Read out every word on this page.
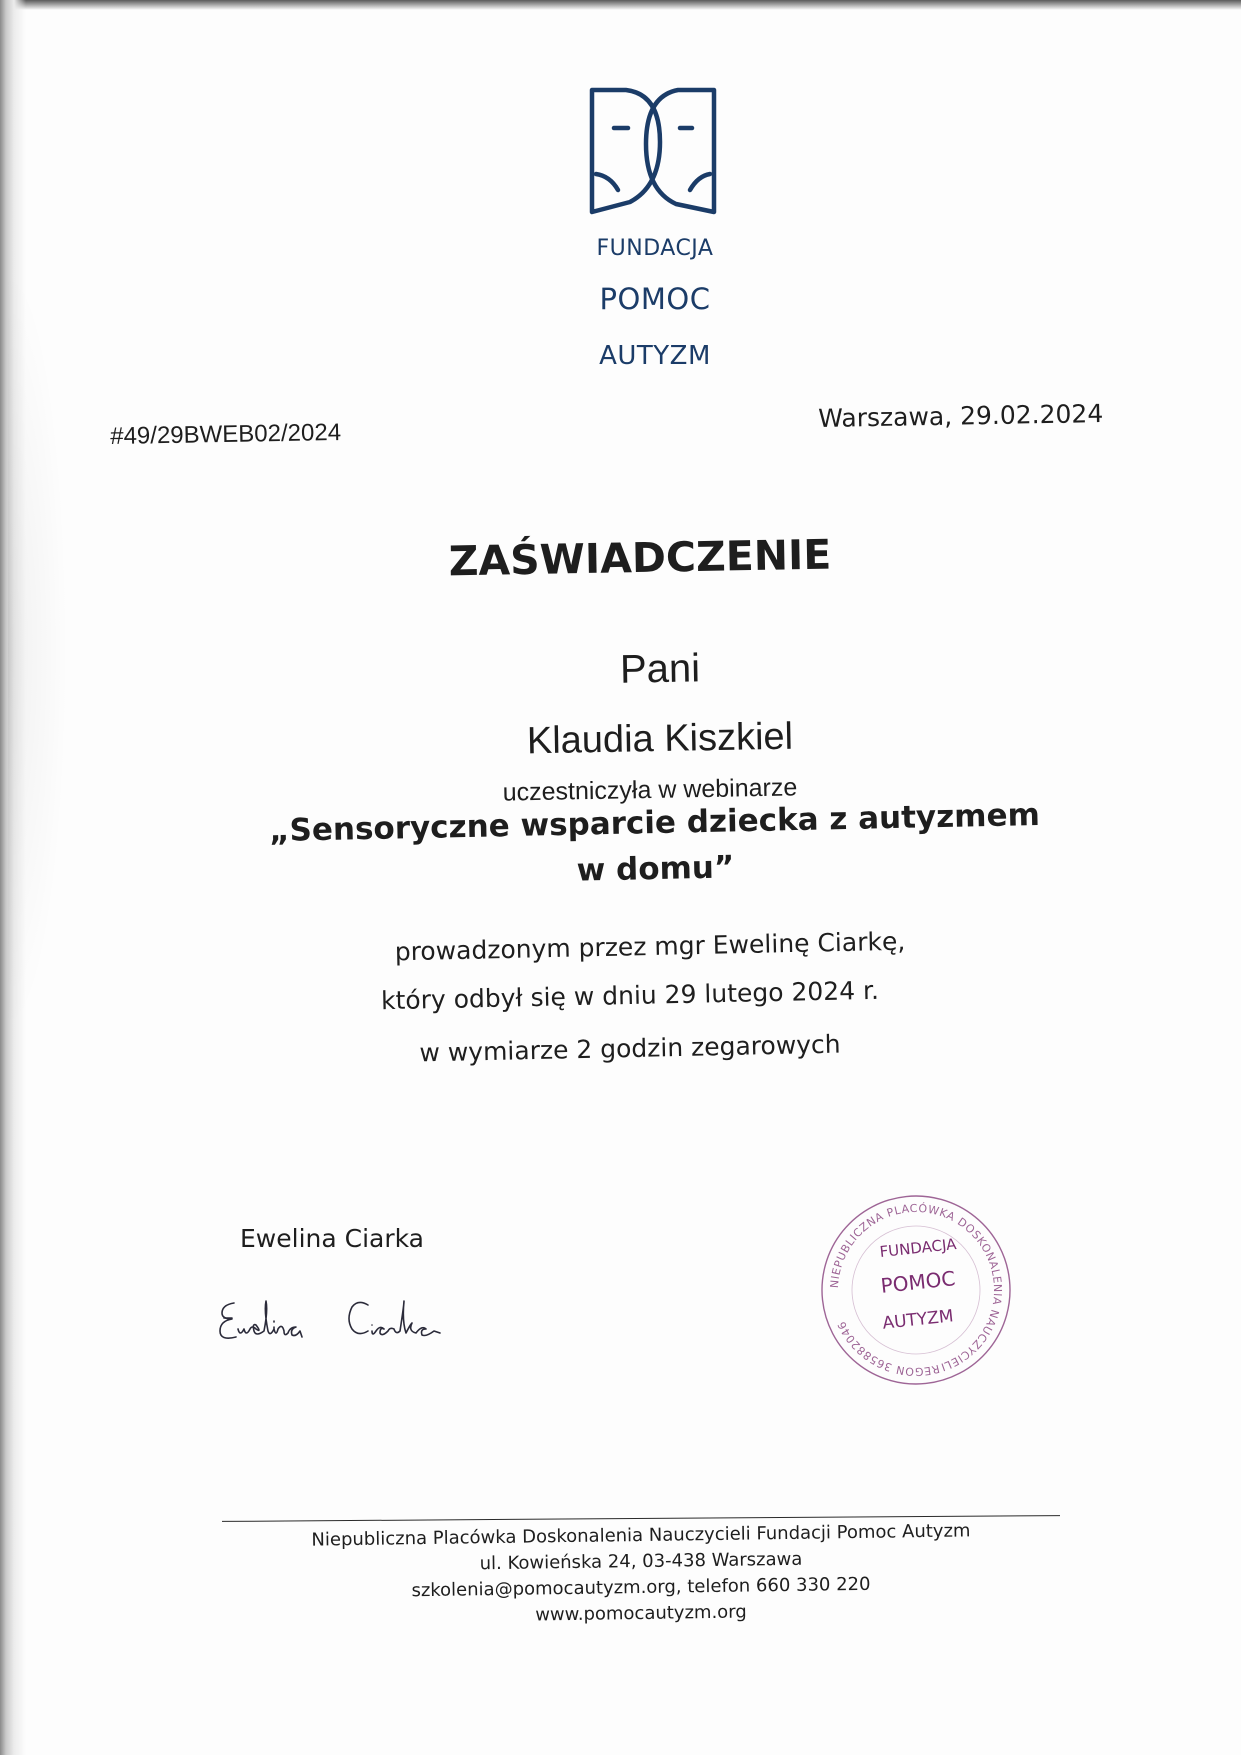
FUNDACJA
POMOC
AUTYZM
#49/29BWEB02/2024
Warszawa, 29.02.2024
ZAŚWIADCZENIE
Pani
Klaudia Kiszkiel
uczestniczyła w webinarze
„Sensoryczne wsparcie dziecka z autyzmem
w domu”
prowadzonym przez mgr Ewelinę Ciarkę,
który odbył się w dniu 29 lutego 2024 r.
w wymiarze 2 godzin zegarowych
Ewelina Ciarka
NIEPUBLICZNA PLACÓWKA DOSKONALENIA NAUCZYCIELI
REGON 365882046
FUNDACJA
POMOC
AUTYZM
Niepubliczna Placówka Doskonalenia Nauczycieli Fundacji Pomoc Autyzm
ul. Kowieńska 24, 03-438 Warszawa
szkolenia@pomocautyzm.org, telefon 660 330 220
www.pomocautyzm.org
